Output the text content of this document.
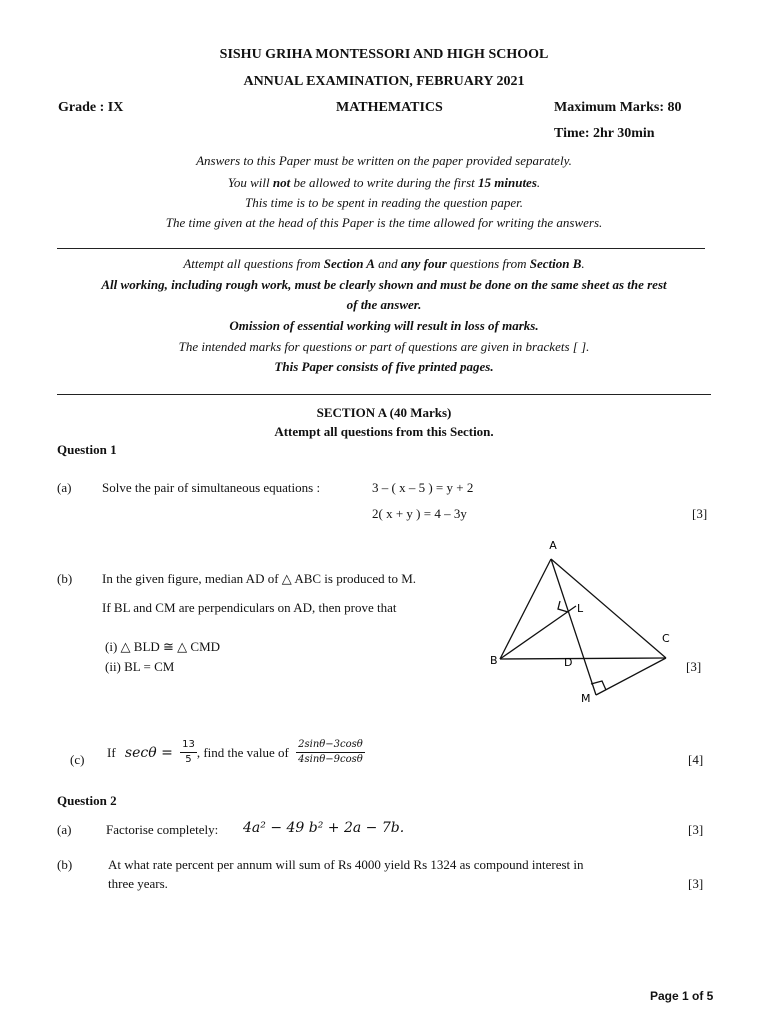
SISHU GRIHA MONTESSORI AND HIGH SCHOOL
ANNUAL EXAMINATION, FEBRUARY 2021
Grade : IX	MATHEMATICS	Maximum Marks: 80
Time: 2hr 30min
Answers to this Paper must be written on the paper provided separately.
You will not be allowed to write during the first 15 minutes.
This time is to be spent in reading the question paper.
The time given at the head of this Paper is the time allowed for writing the answers.
Attempt all questions from Section A and any four questions from Section B.
All working, including rough work, must be clearly shown and must be done on the same sheet as the rest
of the answer.
Omission of essential working will result in loss of marks.
The intended marks for questions or part of questions are given in brackets [ ].
This Paper consists of five printed pages.
SECTION A (40 Marks)
Attempt all questions from this Section.
Question 1
(a) Solve the pair of simultaneous equations :	3 – ( x – 5 ) = y + 2
2( x + y ) = 4 – 3y	[3]
(b) In the given figure, median AD of △ ABC is produced to M.
If BL and CM are perpendiculars on AD, then prove that
(i) △ BLD ≅ △ CMD
(ii) BL = CM	[3]
A
B
C
D
L
M
(c) If $\sec\theta = \frac{13}{5}$ , find the value of $\frac{2\sin\theta-3\cos\theta}{4\sin\theta-9\cos\theta}$	[4]
Question 2
(a)	Factorise completely: 4a² − 49 b² + 2a − 7b.	[3]
(b)	At what rate percent per annum will sum of Rs 4000 yield Rs 1324 as compound interest in
three years.	[3]
Page 1 of 5
